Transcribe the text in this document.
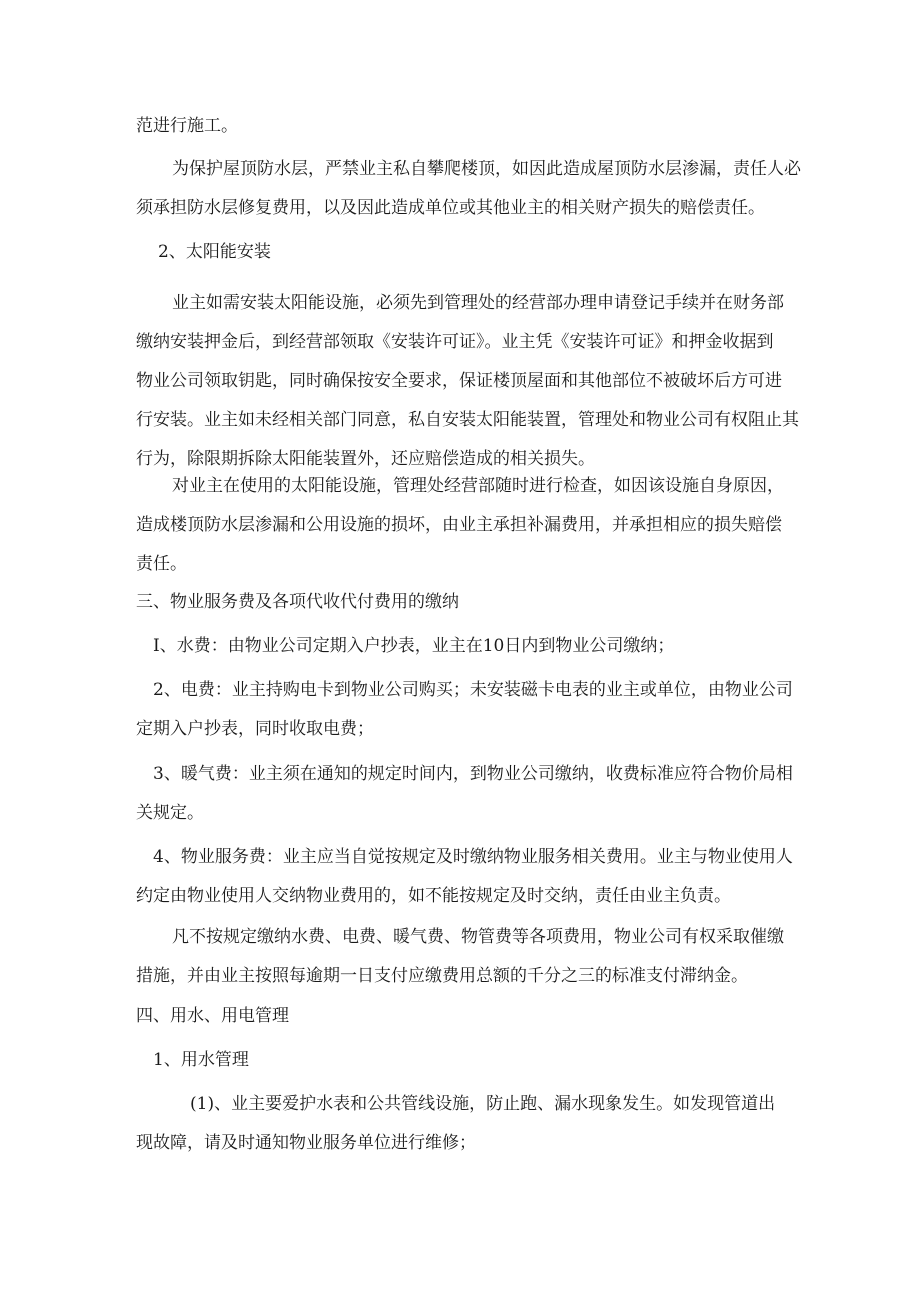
范进行施工。
为保护屋顶防水层，严禁业主私自攀爬楼顶，如因此造成屋顶防水层渗漏，责任人必
须承担防水层修复费用，以及因此造成单位或其他业主的相关财产损失的赔偿责任。
2、太阳能安装
业主如需安装太阳能设施，必须先到管理处的经营部办理申请登记手续并在财务部
缴纳安装押金后，到经营部领取《安装许可证》。业主凭《安装许可证》和押金收据到
物业公司领取钥匙，同时确保按安全要求，保证楼顶屋面和其他部位不被破坏后方可进
行安装。业主如未经相关部门同意，私自安装太阳能装置，管理处和物业公司有权阻止其
行为，除限期拆除太阳能装置外，还应赔偿造成的相关损失。
对业主在使用的太阳能设施，管理处经营部随时进行检查，如因该设施自身原因，
造成楼顶防水层渗漏和公用设施的损坏，由业主承担补漏费用，并承担相应的损失赔偿
责任。
三、物业服务费及各项代收代付费用的缴纳
I、水费：由物业公司定期入户抄表，业主在10日内到物业公司缴纳；
2、电费：业主持购电卡到物业公司购买；未安装磁卡电表的业主或单位，由物业公司
定期入户抄表，同时收取电费；
3、暖气费：业主须在通知的规定时间内，到物业公司缴纳，收费标准应符合物价局相
关规定。
4、物业服务费：业主应当自觉按规定及时缴纳物业服务相关费用。业主与物业使用人
约定由物业使用人交纳物业费用的，如不能按规定及时交纳，责任由业主负责。
凡不按规定缴纳水费、电费、暖气费、物管费等各项费用，物业公司有权采取催缴
措施，并由业主按照每逾期一日支付应缴费用总额的千分之三的标准支付滞纳金。
四、用水、用电管理
1、用水管理
(1)、业主要爱护水表和公共管线设施，防止跑、漏水现象发生。如发现管道出
现故障，请及时通知物业服务单位进行维修；
